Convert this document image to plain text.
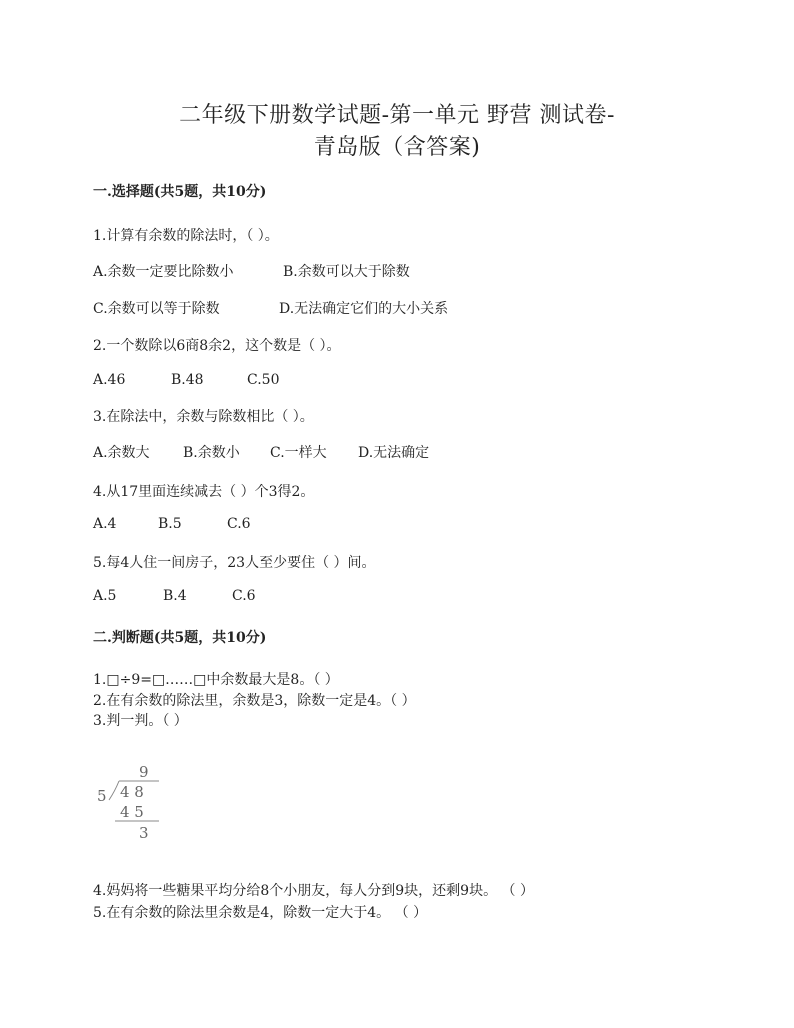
二年级下册数学试题-第一单元 野营 测试卷-
青岛版（含答案)
一.选择题(共5题，共10分)
1.计算有余数的除法时，（ ）。
A.余数一定要比除数小	B.余数可以大于除数
C.余数可以等于除数	D.无法确定它们的大小关系
2.一个数除以6商8余2，这个数是（ ）。
A.46	B.48	C.50
3.在除法中，余数与除数相比（ ）。
A.余数大 B.余数小 C.一样大 D.无法确定
4.从17里面连续减去（ ）个3得2。
A.4	B.5	C.6
5.每4人住一间房子，23人至少要住（ ）间。
A.5	B.4	C.6
二.判断题(共5题，共10分)
1.□÷9=□……□中余数最大是8。（ ）
2.在有余数的除法里，余数是3，除数一定是4。（ ）
3.判一判。（ ）
9
5 4 8
4 5
3
4.妈妈将一些糖果平均分给8个小朋友，每人分到9块，还剩9块。 （ ）
5.在有余数的除法里余数是4，除数一定大于4。 （ ）
